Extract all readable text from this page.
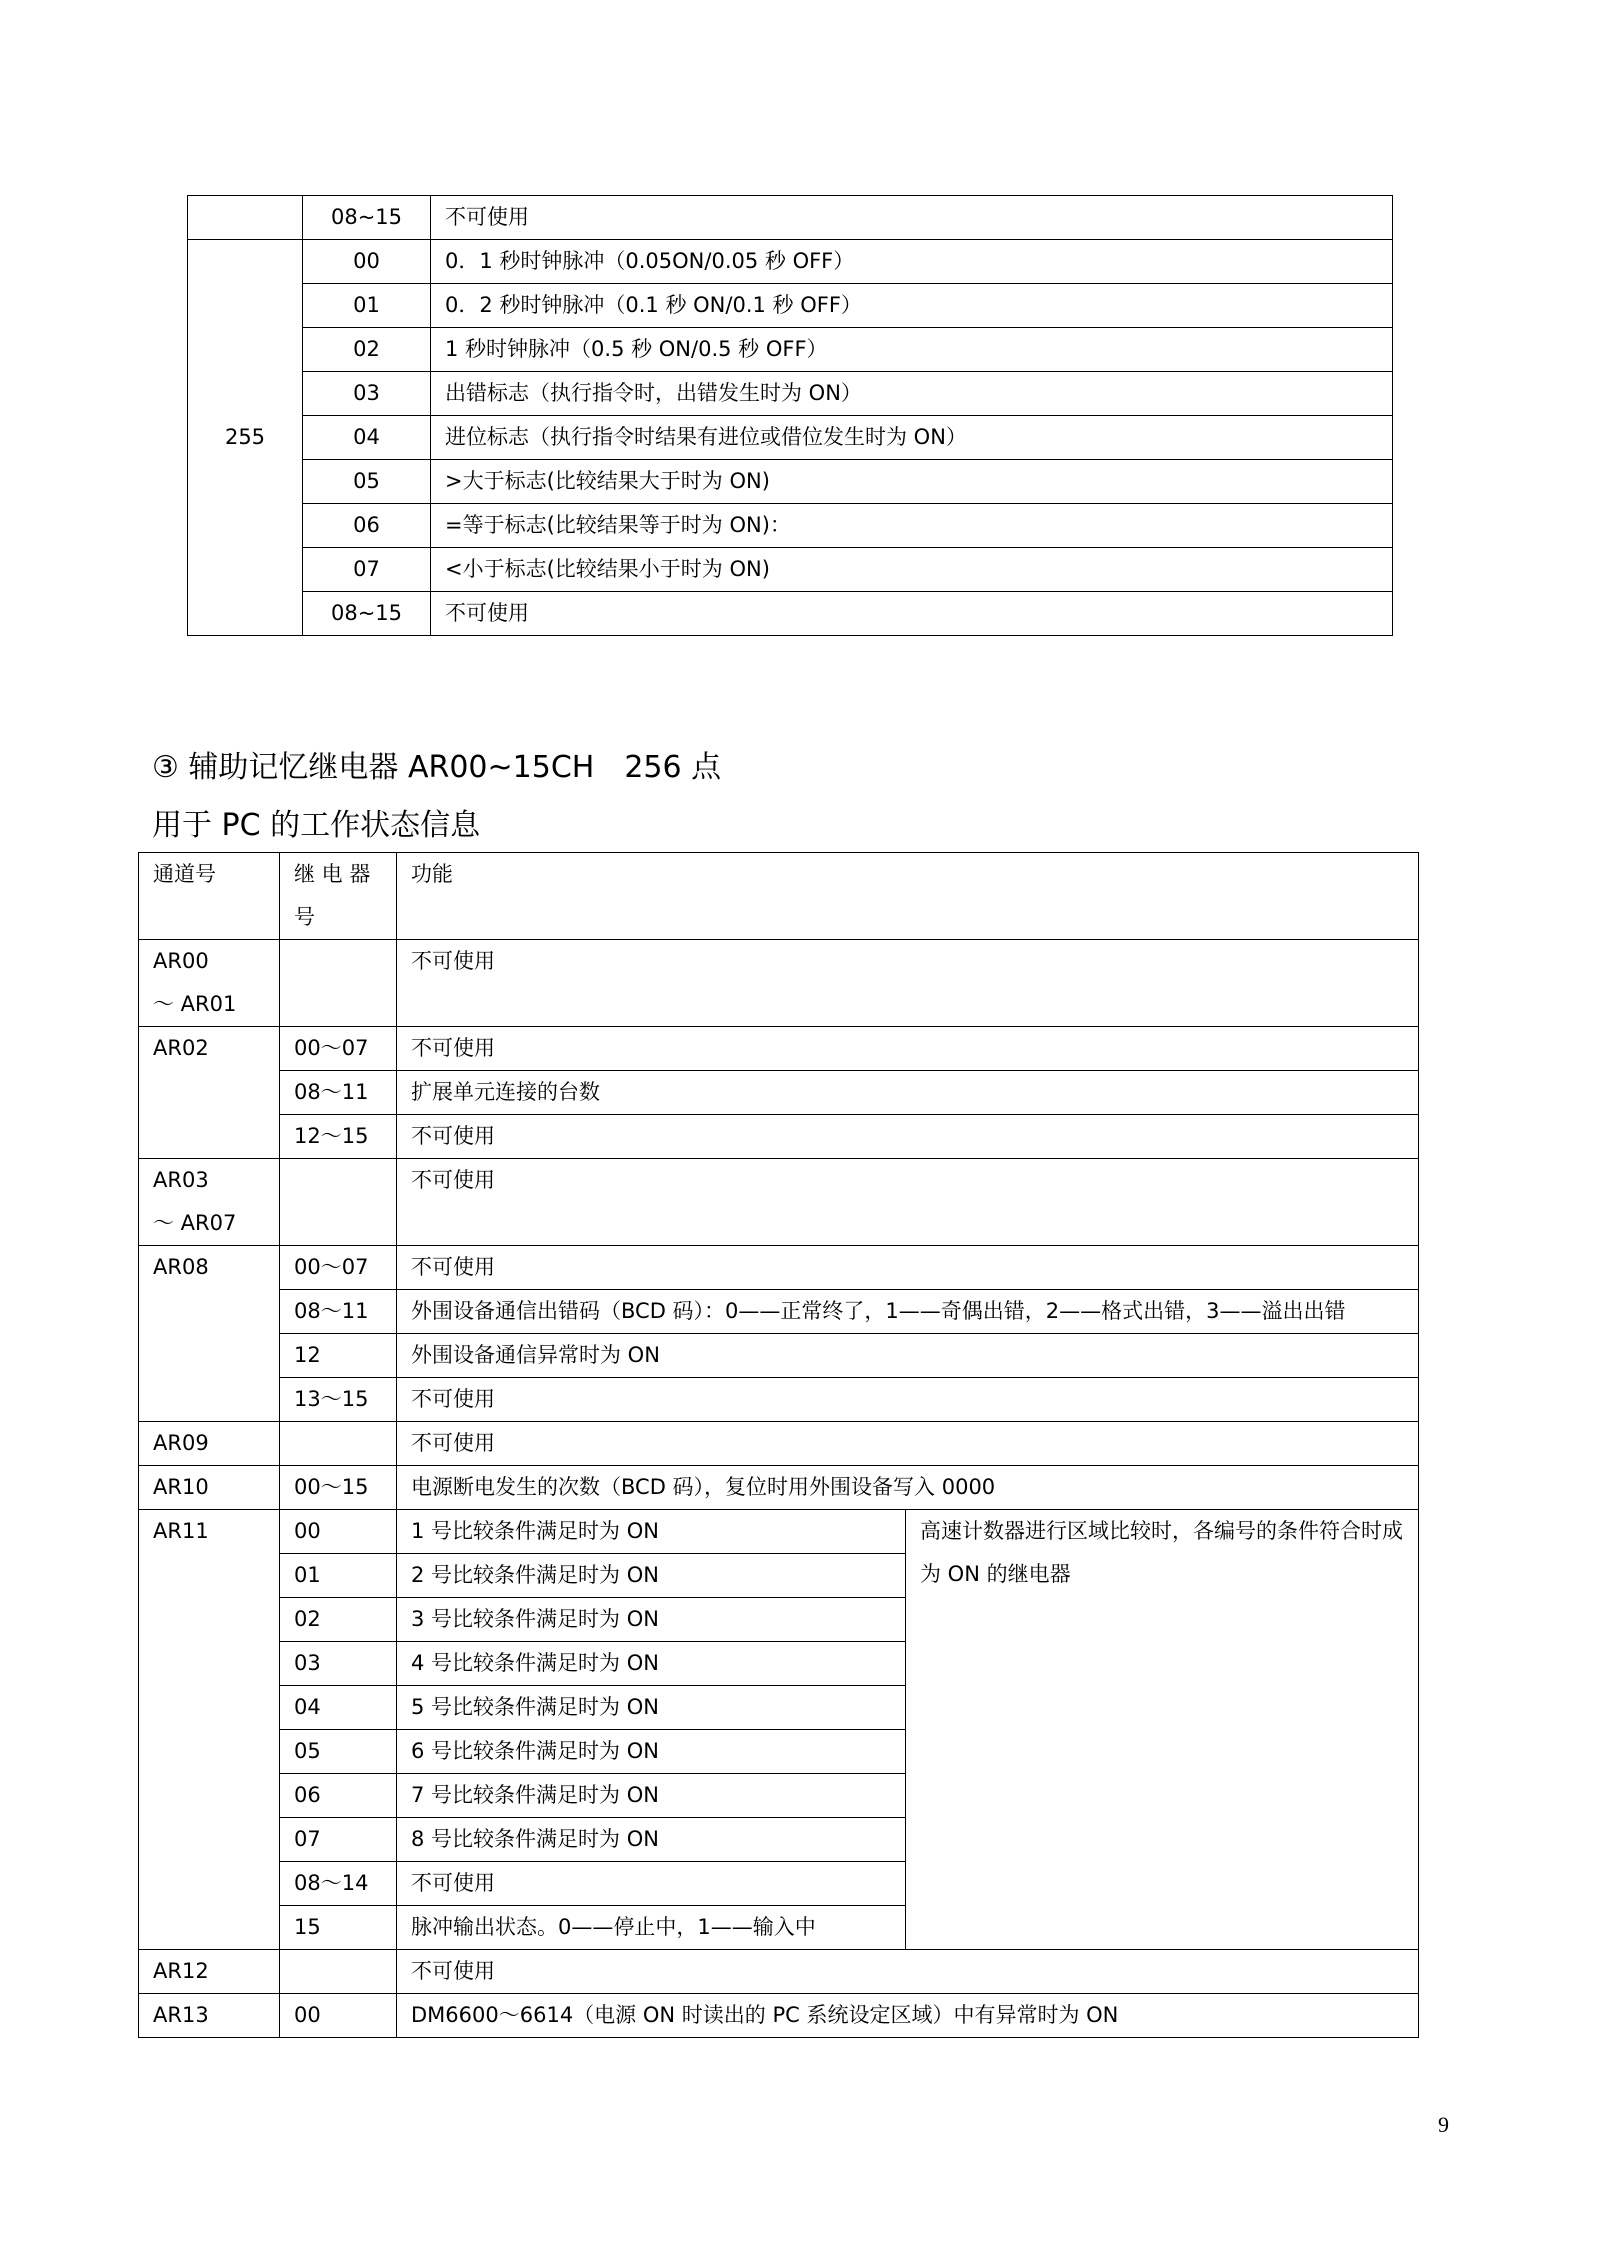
	08~15	不可使用
255	00	0．1 秒时钟脉冲（0.05ON/0.05 秒 OFF）
	01	0．2 秒时钟脉冲（0.1 秒 ON/0.1 秒 OFF）
	02	1 秒时钟脉冲（0.5 秒 ON/0.5 秒 OFF）
	03	出错标志（执行指令时，出错发生时为 ON）
	04	进位标志（执行指令时结果有进位或借位发生时为 ON）
	05	>大于标志(比较结果大于时为 ON)
	06	=等于标志(比较结果等于时为 ON)：
	07	<小于标志(比较结果小于时为 ON)
	08~15	不可使用
③ 辅助记忆继电器 AR00~15CH　256 点
用于 PC 的工作状态信息
通道号	继 电 器 号	功能	
AR00　　～ AR01		不可使用	
AR02	00～07	不可使用	
	08～11	扩展单元连接的台数	
	12～15	不可使用	
AR03　　～ AR07		不可使用	
AR08	00～07	不可使用	
	08～11	外围设备通信出错码（BCD 码）：0——正常终了，1——奇偶出错，2——格式出错，3——溢出出错	
	12	外围设备通信异常时为 ON	
	13～15	不可使用	
AR09		不可使用	
AR10	00～15	电源断电发生的次数（BCD 码），复位时用外围设备写入 0000	
AR11	00	1 号比较条件满足时为 ON	高速计数器进行区域比较时，各编号的条件符合时成为 ON 的继电器
	01	2 号比较条件满足时为 ON	
	02	3 号比较条件满足时为 ON	
	03	4 号比较条件满足时为 ON	
	04	5 号比较条件满足时为 ON	
	05	6 号比较条件满足时为 ON	
	06	7 号比较条件满足时为 ON	
	07	8 号比较条件满足时为 ON	
	08～14	不可使用	
	15	脉冲输出状态。0——停止中，1——输入中	
AR12		不可使用	
AR13	00	DM6600～6614（电源 ON 时读出的 PC 系统设定区域）中有异常时为 ON	
9
